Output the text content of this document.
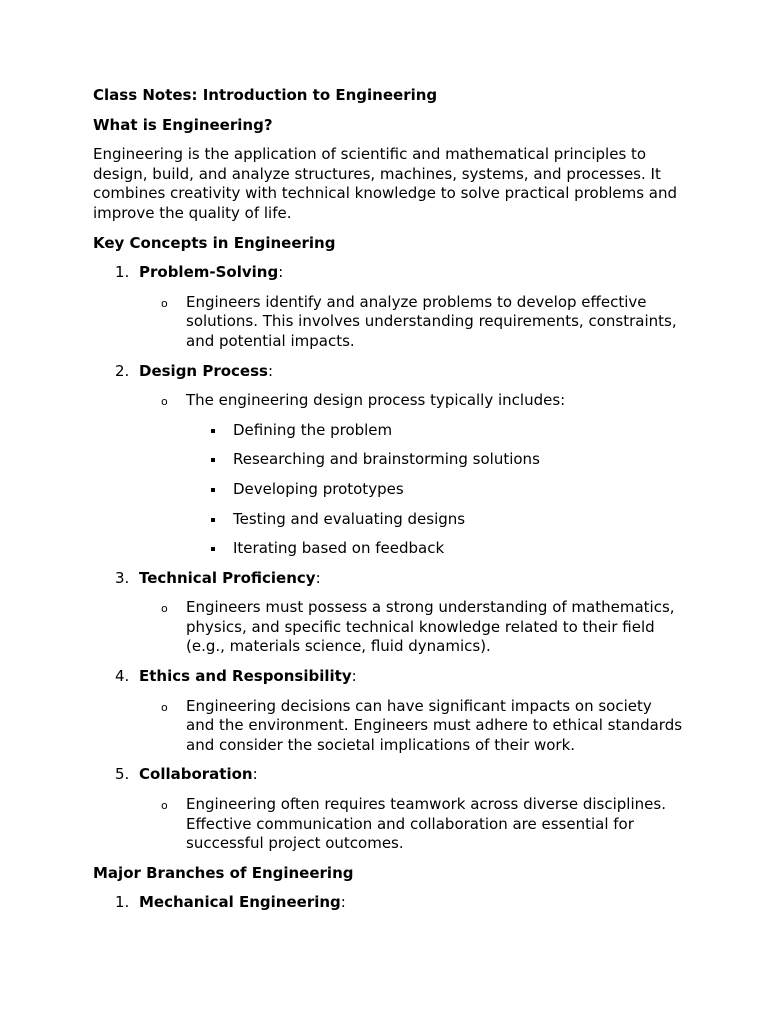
Class Notes: Introduction to Engineering
What is Engineering?

Engineering is the application of scientific and mathematical principles to design, build, and analyze structures, machines, systems, and processes. It combines creativity with technical knowledge to solve practical problems and improve the quality of life.

Key Concepts in Engineering
1. Problem-Solving:
o Engineers identify and analyze problems to develop effective solutions. This involves understanding requirements, constraints, and potential impacts.
2. Design Process:
o The engineering design process typically includes:
Defining the problem
Researching and brainstorming solutions
Developing prototypes
Testing and evaluating designs
Iterating based on feedback
3. Technical Proficiency:
o Engineers must possess a strong understanding of mathematics, physics, and specific technical knowledge related to their field (e.g., materials science, fluid dynamics).
4. Ethics and Responsibility:
o Engineering decisions can have significant impacts on society and the environment. Engineers must adhere to ethical standards and consider the societal implications of their work.
5. Collaboration:
o Engineering often requires teamwork across diverse disciplines. Effective communication and collaboration are essential for successful project outcomes.
Major Branches of Engineering
1. Mechanical Engineering:
